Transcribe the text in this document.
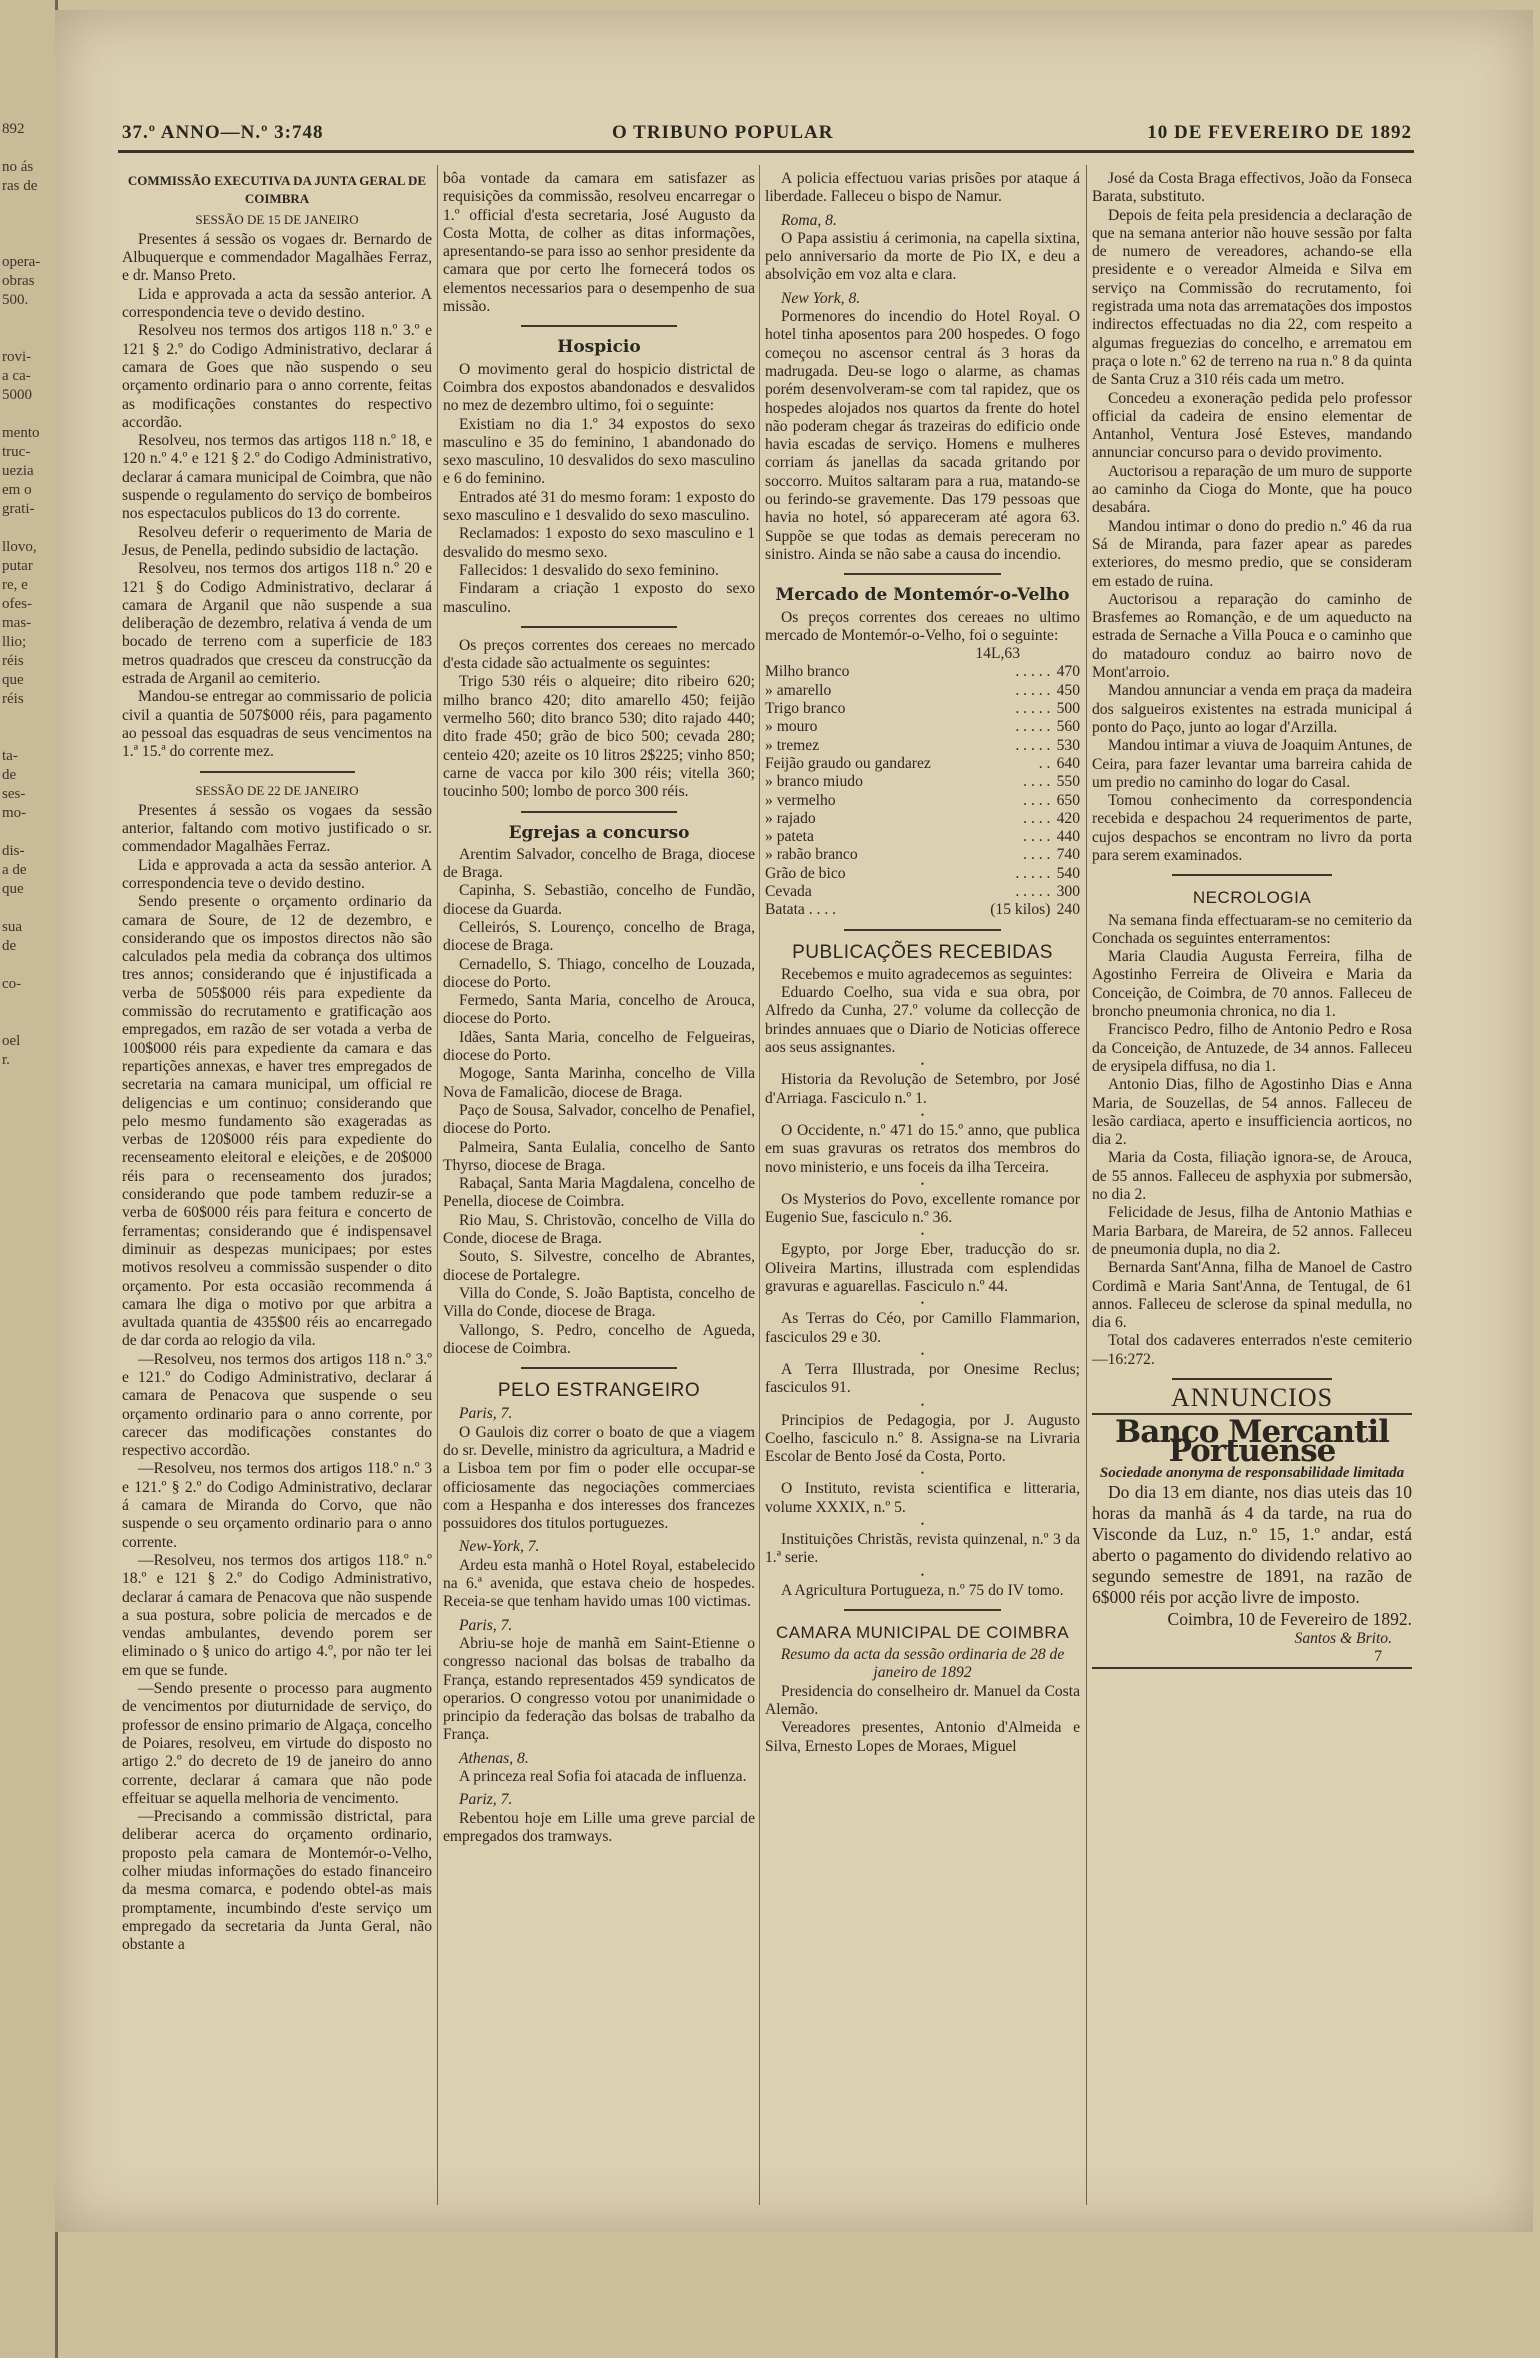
892

no ás
ras de

opera-
obras
500.

rovi-
a ca-
5000

mento
truc-
uezia
em o
grati-

llovo,
putar
re, e
ofes-
mas-
llio;
réis
que
réis

ta-
de
ses-
mo-

dis-
a de
que

sua
de

co-

oel
r.
37.º ANNO—N.º 3:748	O TRIBUNO POPULAR	10 DE FEVEREIRO DE 1892
COMMISSÃO EXECUTIVA DA JUNTA GERAL DE COIMBRA
SESSÃO DE 15 DE JANEIRO

Presentes á sessão os vogaes dr. Bernardo de Albuquerque e commendador Magalhães Ferraz, e dr. Manso Preto.

Lida e approvada a acta da sessão anterior. A correspondencia teve o devido destino.

Resolveu nos termos dos artigos 118 n.º 3.º e 121 § 2.º do Codigo Administrativo, declarar á camara de Goes que não suspendo o seu orçamento ordinario para o anno corrente, feitas as modificações constantes do respectivo accordão.

Resolveu, nos termos das artigos 118 n.º 18, e 120 n.º 4.º e 121 § 2.º do Codigo Administrativo, declarar á camara municipal de Coimbra, que não suspende o regulamento do serviço de bombeiros nos espectaculos publicos do 13 do corrente.

Resolveu deferir o requerimento de Maria de Jesus, de Penella, pedindo subsidio de lactação.

Resolveu, nos termos dos artigos 118 n.º 20 e 121 § do Codigo Administrativo, declarar á camara de Arganil que não suspende a sua deliberação de dezembro, relativa á venda de um bocado de terreno com a superficie de 183 metros quadrados que cresceu da construcção da estrada de Arganil ao cemiterio.

Mandou-se entregar ao commissario de policia civil a quantia de 507$000 réis, para pagamento ao pessoal das esquadras de seus vencimentos na 1.ª 15.ª do corrente mez.

SESSÃO DE 22 DE JANEIRO

Presentes á sessão os vogaes da sessão anterior, faltando com motivo justificado o sr. commendador Magalhães Ferraz.

Lida e approvada a acta da sessão anterior. A correspondencia teve o devido destino.

Sendo presente o orçamento ordinario da camara de Soure, de 12 de dezembro, e considerando que os impostos directos não são calculados pela media da cobrança dos ultimos tres annos; considerando que é injustificada a verba de 505$000 réis para expediente da commissão do recrutamento e gratificação aos empregados, em razão de ser votada a verba de 100$000 réis para expediente da camara e das repartições annexas, e haver tres empregados de secretaria na camara municipal, um official re deligencias e um continuo; considerando que pelo mesmo fundamento são exageradas as verbas de 120$000 réis para expediente do recenseamento eleitoral e eleições, e de 20$000 réis para o recenseamento dos jurados; considerando que pode tambem reduzir-se a verba de 60$000 réis para feitura e concerto de ferramentas; considerando que é indispensavel diminuir as despezas municipaes; por estes motivos resolveu a commissão suspender o dito orçamento. Por esta occasião recommenda á camara lhe diga o motivo por que arbitra a avultada quantia de 435$00 réis ao encarregado de dar corda ao relogio da vila.

—Resolveu, nos termos dos artigos 118 n.º 3.º e 121.º do Codigo Administrativo, declarar á camara de Penacova que suspende o seu orçamento ordinario para o anno corrente, por carecer das modificações constantes do respectivo accordão.

—Resolveu, nos termos dos artigos 118.º n.º 3 e 121.º § 2.º do Codigo Administrativo, declarar á camara de Miranda do Corvo, que não suspende o seu orçamento ordinario para o anno corrente.

—Resolveu, nos termos dos artigos 118.º n.º 18.º e 121 § 2.º do Codigo Administrativo, declarar á camara de Penacova que não suspende a sua postura, sobre policia de mercados e de vendas ambulantes, devendo porem ser eliminado o § unico do artigo 4.º, por não ter lei em que se funde.

—Sendo presente o processo para augmento de vencimentos por diuturnidade de serviço, do professor de ensino primario de Algaça, concelho de Poiares, resolveu, em virtude do disposto no artigo 2.º do decreto de 19 de janeiro do anno corrente, declarar á camara que não pode effeituar se aquella melhoria de vencimento.

—Precisando a commissão districtal, para deliberar acerca do orçamento ordinario, proposto pela camara de Montemór-o-Velho, colher miudas informações do estado financeiro da mesma comarca, e podendo obtel-as mais promptamente, incumbindo d'este serviço um empregado da secretaria da Junta Geral, não obstante a

bôa vontade da camara em satisfazer as requisições da commissão, resolveu encarregar o 1.º official d'esta secretaria, José Augusto da Costa Motta, de colher as ditas informações, apresentando-se para isso ao senhor presidente da camara que por certo lhe fornecerá todos os elementos necessarios para o desempenho de sua missão.

Hospicio

O movimento geral do hospicio districtal de Coimbra dos expostos abandonados e desvalidos no mez de dezembro ultimo, foi o seguinte:

Existiam no dia 1.º 34 expostos do sexo masculino e 35 do feminino, 1 abandonado do sexo masculino, 10 desvalidos do sexo masculino e 6 do feminino.

Entrados até 31 do mesmo foram: 1 exposto do sexo masculino e 1 desvalido do sexo masculino.

Reclamados: 1 exposto do sexo masculino e 1 desvalido do mesmo sexo.

Fallecidos: 1 desvalido do sexo feminino.

Findaram a criação 1 exposto do sexo masculino.

Os preços correntes dos cereaes no mercado d'esta cidade são actualmente os seguintes:

Trigo 530 réis o alqueire; dito ribeiro 620; milho branco 420; dito amarello 450; feijão vermelho 560; dito branco 530; dito rajado 440; dito frade 450; grão de bico 500; cevada 280; centeio 420; azeite os 10 litros 2$225; vinho 850; carne de vacca por kilo 300 réis; vitella 360; toucinho 500; lombo de porco 300 réis.

Egrejas a concurso

Arentim Salvador, concelho de Braga, diocese de Braga.

Capinha, S. Sebastião, concelho de Fundão, diocese da Guarda.

Celleirós, S. Lourenço, concelho de Braga, diocese de Braga.

Cernadello, S. Thiago, concelho de Louzada, diocese do Porto.

Fermedo, Santa Maria, concelho de Arouca, diocese do Porto.

Idães, Santa Maria, concelho de Felgueiras, diocese do Porto.

Mogoge, Santa Marinha, concelho de Villa Nova de Famalicão, diocese de Braga.

Paço de Sousa, Salvador, concelho de Penafiel, diocese do Porto.

Palmeira, Santa Eulalia, concelho de Santo Thyrso, diocese de Braga.

Rabaçal, Santa Maria Magdalena, concelho de Penella, diocese de Coimbra.

Rio Mau, S. Christovão, concelho de Villa do Conde, diocese de Braga.

Souto, S. Silvestre, concelho de Abrantes, diocese de Portalegre.

Villa do Conde, S. João Baptista, concelho de Villa do Conde, diocese de Braga.

Vallongo, S. Pedro, concelho de Agueda, diocese de Coimbra.

PELO ESTRANGEIRO

Paris, 7.

O Gaulois diz correr o boato de que a viagem do sr. Develle, ministro da agricultura, a Madrid e a Lisboa tem por fim o poder elle occupar-se officiosamente das negociações commerciaes com a Hespanha e dos interesses dos francezes possuidores dos titulos portuguezes.

New-York, 7.

Ardeu esta manhã o Hotel Royal, estabelecido na 6.ª avenida, que estava cheio de hospedes. Receia-se que tenham havido umas 100 victimas.

Paris, 7.

Abriu-se hoje de manhã em Saint-Etienne o congresso nacional das bolsas de trabalho da França, estando representados 459 syndicatos de operarios. O congresso votou por unanimidade o principio da federação das bolsas de trabalho da França.

Athenas, 8.

A princeza real Sofia foi atacada de influenza.

Pariz, 7.

Rebentou hoje em Lille uma greve parcial de empregados dos tramways.

A policia effectuou varias prisões por ataque á liberdade. Falleceu o bispo de Namur.

Roma, 8.

O Papa assistiu á cerimonia, na capella sixtina, pelo anniversario da morte de Pio IX, e deu a absolvição em voz alta e clara.

New York, 8.

Pormenores do incendio do Hotel Royal. O hotel tinha aposentos para 200 hospedes. O fogo começou no ascensor central ás 3 horas da madrugada. Deu-se logo o alarme, as chamas porém desenvolveram-se com tal rapidez, que os hospedes alojados nos quartos da frente do hotel não poderam chegar ás trazeiras do edificio onde havia escadas de serviço. Homens e mulheres corriam ás janellas da sacada gritando por soccorro. Muitos saltaram para a rua, matando-se ou ferindo-se gravemente. Das 179 pessoas que havia no hotel, só appareceram até agora 63. Suppõe se que todas as demais pereceram no sinistro. Ainda se não sabe a causa do incendio.

Mercado de Montemór-o-Velho

Os preços correntes dos cereaes no ultimo mercado de Montemór-o-Velho, foi o seguinte:

14L,63
Milho branco	. . . . .	470
» amarello	. . . . .	450
Trigo branco	. . . . .	500
» mouro	. . . . .	560
» tremez	. . . . .	530
Feijão graudo ou gandarez	. .	640
» branco miudo	. . . .	550
» vermelho	. . . .	650
» rajado	. . . .	420
» pateta	. . . .	440
» rabão branco	. . . .	740
Grão de bico	. . . . .	540
Cevada	. . . . .	300
Batata . . . .	(15 kilos)	240
PUBLICAÇÕES RECEBIDAS

Recebemos e muito agradecemos as seguintes:

Eduardo Coelho, sua vida e sua obra, por Alfredo da Cunha, 27.º volume da collecção de brindes annuaes que o Diario de Noticias offerece aos seus assignantes.

•

Historia da Revolução de Setembro, por José d'Arriaga. Fasciculo n.º 1.

•

O Occidente, n.º 471 do 15.º anno, que publica em suas gravuras os retratos dos membros do novo ministerio, e uns foceis da ilha Terceira.

•

Os Mysterios do Povo, excellente romance por Eugenio Sue, fasciculo n.º 36.

•

Egypto, por Jorge Eber, traducção do sr. Oliveira Martins, illustrada com esplendidas gravuras e aguarellas. Fasciculo n.º 44.

•

As Terras do Céo, por Camillo Flammarion, fasciculos 29 e 30.

•

A Terra Illustrada, por Onesime Reclus; fasciculos 91.

•

Principios de Pedagogia, por J. Augusto Coelho, fasciculo n.º 8. Assigna-se na Livraria Escolar de Bento José da Costa, Porto.

•

O Instituto, revista scientifica e litteraria, volume XXXIX, n.º 5.

•

Instituições Christãs, revista quinzenal, n.º 3 da 1.ª serie.

•

A Agricultura Portugueza, n.º 75 do IV tomo.

CAMARA MUNICIPAL DE COIMBRA

Resumo da acta da sessão ordinaria de 28 de janeiro de 1892

Presidencia do conselheiro dr. Manuel da Costa Alemão.

Vereadores presentes, Antonio d'Almeida e Silva, Ernesto Lopes de Moraes, Miguel

José da Costa Braga effectivos, João da Fonseca Barata, substituto.

Depois de feita pela presidencia a declaração de que na semana anterior não houve sessão por falta de numero de vereadores, achando-se ella presidente e o vereador Almeida e Silva em serviço na Commissão do recrutamento, foi registrada uma nota das arrematações dos impostos indirectos effectuadas no dia 22, com respeito a algumas freguezias do concelho, e arrematou em praça o lote n.º 62 de terreno na rua n.º 8 da quinta de Santa Cruz a 310 réis cada um metro.

Concedeu a exoneração pedida pelo professor official da cadeira de ensino elementar de Antanhol, Ventura José Esteves, mandando annunciar concurso para o devido provimento.

Auctorisou a reparação de um muro de supporte ao caminho da Cioga do Monte, que ha pouco desabára.

Mandou intimar o dono do predio n.º 46 da rua Sá de Miranda, para fazer apear as paredes exteriores, do mesmo predio, que se consideram em estado de ruina.

Auctorisou a reparação do caminho de Brasfemes ao Romanção, e de um aqueducto na estrada de Sernache a Villa Pouca e o caminho que do matadouro conduz ao bairro novo de Mont'arroio.

Mandou annunciar a venda em praça da madeira dos salgueiros existentes na estrada municipal á ponto do Paço, junto ao logar d'Arzilla.

Mandou intimar a viuva de Joaquim Antunes, de Ceira, para fazer levantar uma barreira cahida de um predio no caminho do logar do Casal.

Tomou conhecimento da correspondencia recebida e despachou 24 requerimentos de parte, cujos despachos se encontram no livro da porta para serem examinados.

NECROLOGIA

Na semana finda effectuaram-se no cemiterio da Conchada os seguintes enterramentos:

Maria Claudia Augusta Ferreira, filha de Agostinho Ferreira de Oliveira e Maria da Conceição, de Coimbra, de 70 annos. Falleceu de broncho pneumonia chronica, no dia 1.

Francisco Pedro, filho de Antonio Pedro e Rosa da Conceição, de Antuzede, de 34 annos. Falleceu de erysipela diffusa, no dia 1.

Antonio Dias, filho de Agostinho Dias e Anna Maria, de Souzellas, de 54 annos. Falleceu de lesão cardiaca, aperto e insufficiencia aorticos, no dia 2.

Maria da Costa, filiação ignora-se, de Arouca, de 55 annos. Falleceu de asphyxia por submersão, no dia 2.

Felicidade de Jesus, filha de Antonio Mathias e Maria Barbara, de Mareira, de 52 annos. Falleceu de pneumonia dupla, no dia 2.

Bernarda Sant'Anna, filha de Manoel de Castro Cordimã e Maria Sant'Anna, de Tentugal, de 61 annos. Falleceu de sclerose da spinal medulla, no dia 6.

Total dos cadaveres enterrados n'este cemiterio—16:272.

ANNUNCIOS
Banco Mercantil Portuense
Sociedade anonyma de responsabilidade limitada

Do dia 13 em diante, nos dias uteis das 10 horas da manhã ás 4 da tarde, na rua do Visconde da Luz, n.º 15, 1.º andar, está aberto o pagamento do dividendo relativo ao segundo semestre de 1891, na razão de 6$000 réis por acção livre de imposto.

Coimbra, 10 de Fevereiro de 1892.

Santos & Brito.

7
